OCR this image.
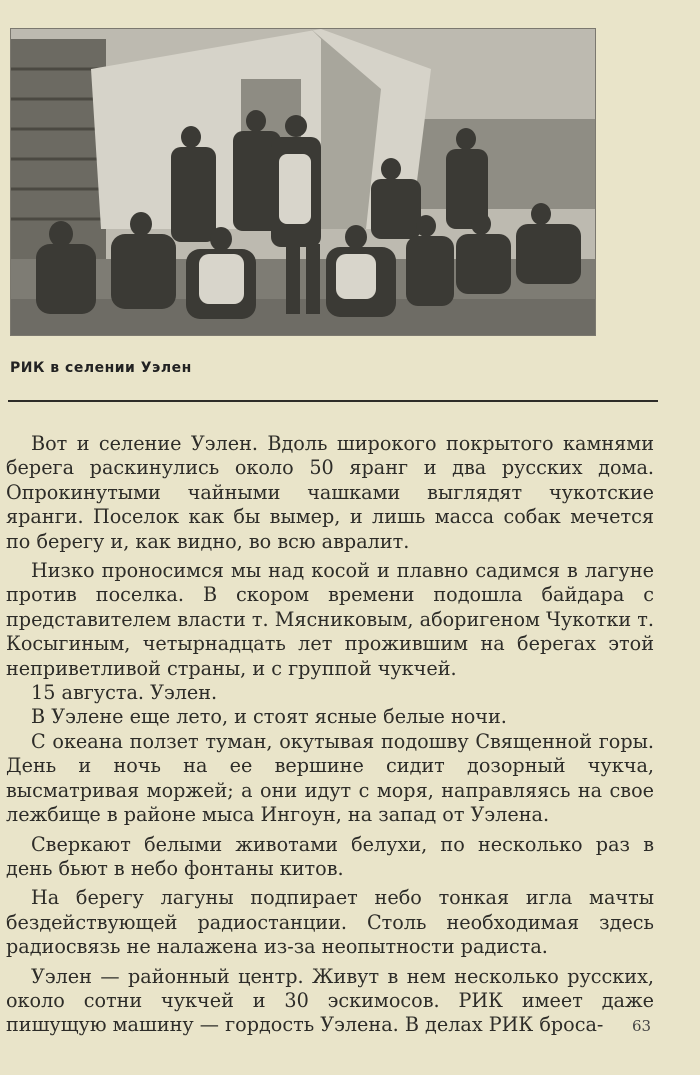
РИК в селении Уэлен

Вот и селение Уэлен. Вдоль широкого покрытого камнями берега раскинулись около 50 яранг и два русских дома. Опрокинутыми чайными чашками выглядят чукотские яранги. Поселок как бы вымер, и лишь масса собак мечется по берегу и, как видно, во всю авралит.

Низко проносимся мы над косой и плавно садимся в лагуне против поселка. В скором времени подошла байдара с представителем власти т. Мясниковым, аборигеном Чукотки т. Косыгиным, четырнадцать лет прожившим на берегах этой неприветливой страны, и с группой чукчей.

15 августа. Уэлен.

В Уэлене еще лето, и стоят ясные белые ночи.

С океана ползет туман, окутывая подошву Священной горы. День и ночь на ее вершине сидит дозорный чукча, высматривая моржей; а они идут с моря, направляясь на свое лежбище в районе мыса Ингоун, на запад от Уэлена.

Сверкают белыми животами белухи, по несколько раз в день бьют в небо фонтаны китов.

На берегу лагуны подпирает небо тонкая игла мачты бездействующей радиостанции. Столь необходимая здесь радиосвязь не налажена из-за неопытности радиста.

Уэлен — районный центр. Живут в нем несколько русских, около сотни чукчей и 30 эскимосов. РИК имеет даже пишущую машину — гордость Уэлена. В делах РИК броса-	63
